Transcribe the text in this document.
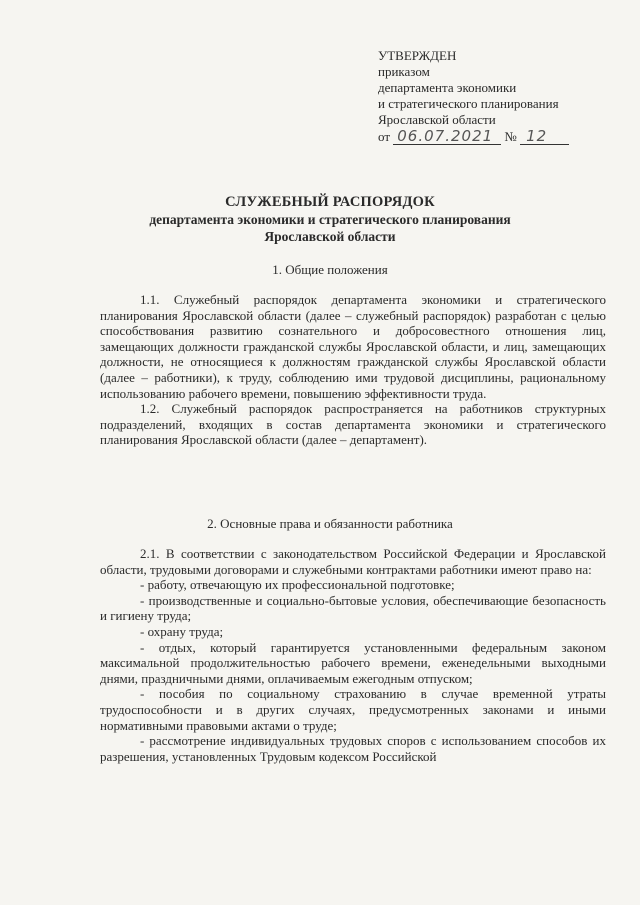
УТВЕРЖДЕН
приказом
департамента экономики
и стратегического планирования
Ярославской области
от 06.07.2021 № 12
СЛУЖЕБНЫЙ РАСПОРЯДОК
департамента экономики и стратегического планирования
Ярославской области
1. Общие положения

1.1. Служебный распорядок департамента экономики и стратегического планирования Ярославской области (далее – служебный распорядок) разработан с целью способствования развитию сознательного и добросовестного отношения лиц, замещающих должности гражданской службы Ярославской области, и лиц, замещающих должности, не относящиеся к должностям гражданской службы Ярославской области (далее – работники), к труду, соблюдению ими трудовой дисциплины, рациональному использованию рабочего времени, повышению эффективности труда.

1.2. Служебный распорядок распространяется на работников структурных подразделений, входящих в состав департамента экономики и стратегического планирования Ярославской области (далее – департамент).

2. Основные права и обязанности работника

2.1. В соответствии с законодательством Российской Федерации и Ярославской области, трудовыми договорами и служебными контрактами работники имеют право на:

- работу, отвечающую их профессиональной подготовке;

- производственные и социально-бытовые условия, обеспечивающие безопасность и гигиену труда;

- охрану труда;

- отдых, который гарантируется установленными федеральным законом максимальной продолжительностью рабочего времени, еженедельными выходными днями, праздничными днями, оплачиваемым ежегодным отпуском;

- пособия по социальному страхованию в случае временной утраты трудоспособности и в других случаях, предусмотренных законами и иными нормативными правовыми актами о труде;

- рассмотрение индивидуальных трудовых споров с использованием способов их разрешения, установленных Трудовым кодексом Российской
